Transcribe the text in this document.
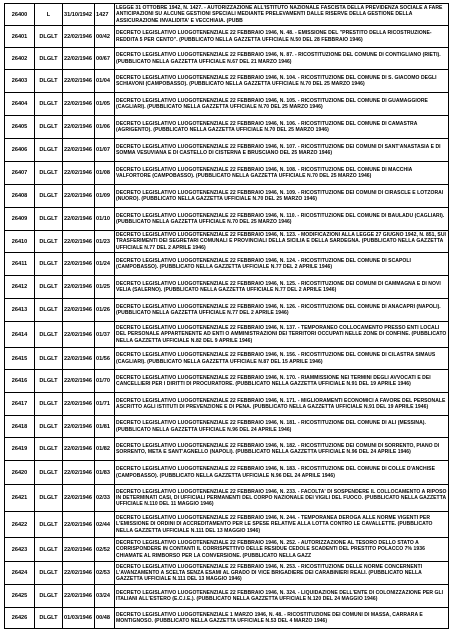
26400	L	31/10/1942	1427	LEGGE 31 OTTOBRE 1942, N. 1427. - AUTORIZZAZIONE ALL'ISTITUTO NAZIONALE FASCISTA DELLA PREVIDENZA SOCIALE A FARE ANTICIPAZIONI SU ALCUNE GESTIONI SPECIALI MEDIANTE PRELEVAMENTI DALLE RISERVE DELLA GESTIONE DELLA ASSICURAZIONE INVALIDITA' E VECCHIAIA. (PUBB
26401	DLGLT	22/02/1946	00/42	DECRETO LEGISLATIVO LUOGOTENENZIALE 22 FEBBRAIO 1946, N. 48. - EMISSIONE DEL "PRESTITO DELLA RICOSTRUZIONE-REDDITA 5 PER CENTO". (PUBBLICATO NELLA GAZZETTA UFFICIALE N.50 DEL 28 FEBBRAIO 1946)
26402	DLGLT	22/02/1946	00/67	DECRETO LEGISLATIVO LUOGOTENENZIALE 22 FEBBRAIO 1946, N. 87. - RICOSTITUZIONE DEL COMUNE DI CONTIGLIANO (RIETI). (PUBBLICATO NELLA GAZZETTA UFFICIALE N.67 DEL 21 MARZO 1946)
26403	DLGLT	22/02/1946	01/04	DECRETO LEGISLATIVO LUOGOTENENZIALE 22 FEBBRAIO 1946, N. 104. - RICOSTITUZIONE DEL COMUNE DI S. GIACOMO DEGLI SCHIAVONI (CAMPOBASSO). (PUBBLICATO NELLA GAZZETTA UFFICIALE N.70 DEL 25 MARZO 1946)
26404	DLGLT	22/02/1946	01/05	DECRETO LEGISLATIVO LUOGOTENENZIALE 22 FEBBRAIO 1946, N. 105. - RICOSTITUZIONE DEL COMUNE DI GUAMAGGIORE (CAGLIARI). (PUBBLICATO NELLA GAZZETTA UFFICIALE N.70 DEL 25 MARZO 1946)
26405	DLGLT	22/02/1946	01/06	DECRETO LEGISLATIVO LUOGOTENENZIALE 22 FEBBRAIO 1946, N. 106. - RICOSTITUZIONE DEL COMUNE DI CAMASTRA (AGRIGENTO). (PUBBLICATO NELLA GAZZETTA UFFICIALE N.70 DEL 25 MARZO 1946)
26406	DLGLT	22/02/1946	01/07	DECRETO LEGISLATIVO LUOGOTENENZIALE 22 FEBBRAIO 1946, N. 107. - RICOSTITUZIONE DEI COMUNI DI SANT'ANASTASIA E DI SOMMA VESUVIANA E DI CASTELLO DI CISTERNA E BRUSCIANO DEL 25 MARZO 1946)
26407	DLGLT	22/02/1946	01/08	DECRETO LEGISLATIVO LUOGOTENENZIALE 22 FEBBRAIO 1946, N. 108. - RICOSTITUZIONE DEL COMUNE DI MACCHIA VALFORTORE (CAMPOBASSO). (PUBBLICATO NELLA GAZZETTA UFFICIALE N.70 DEL 25 MARZO 1946)
26408	DLGLT	22/02/1946	01/09	DECRETO LEGISLATIVO LUOGOTENENZIALE 22 FEBBRAIO 1946, N. 109. - RICOSTITUZIONE DEI COMUNI DI CIRASCLE E LOTZORAI (NUORO). (PUBBLICATO NELLA GAZZETTA UFFICIALE N.70 DEL 25 MARZO 1946)
26409	DLGLT	22/02/1946	01/10	DECRETO LEGISLATIVO LUOGOTENENZIALE 22 FEBBRAIO 1946, N. 110. - RICOSTITUZIONE DEL COMUNE DI BAULADU (CAGLIARI). (PUBBLICATO NELLA GAZZETTA UFFICIALE N.70 DEL 25 MARZO 1946)
26410	DLGLT	22/02/1946	01/23	DECRETO LEGISLATIVO LUOGOTENENZIALE 22 FEBBRAIO 1946, N. 123. - MODIFICAZIONI ALLA LEGGE 27 GIUGNO 1942, N. 851, SUI TRASFERIMENTI DEI SEGRETARI COMUNALI E PROVINCIALI DELLA SICILIA E DELLA SARDEGNA. (PUBBLICATO NELLA GAZZETTA UFFICIALE N.77 DEL 2 APRILE 1946)
26411	DLGLT	22/02/1946	01/24	DECRETO LEGISLATIVO LUOGOTENENZIALE 22 FEBBRAIO 1946, N. 124. - RICOSTITUZIONE DEL COMUNE DI SCAPOLI (CAMPOBASSO). (PUBBLICATO NELLA GAZZETTA UFFICIALE N.77 DEL 2 APRILE 1946)
26412	DLGLT	22/02/1946	01/25	DECRETO LEGISLATIVO LUOGOTENENZIALE 22 FEBBRAIO 1946, N. 125. - RICOSTITUZIONE DEI COMUNI DI CAMMAGNA E DI NOVI VELIA (SALERNO). (PUBBLICATO NELLA GAZZETTA UFFICIALE N.77 DEL 2 APRILE 1946)
26413	DLGLT	22/02/1946	01/26	DECRETO LEGISLATIVO LUOGOTENENZIALE 22 FEBBRAIO 1946, N. 126. - RICOSTITUZIONE DEL COMUNE DI ANACAPRI (NAPOLI). (PUBBLICATO NELLA GAZZETTA UFFICIALE N.77 DEL 2 APRILE 1946)
26414	DLGLT	22/02/1946	01/37	DECRETO LEGISLATIVO LUOGOTENENZIALE 22 FEBBRAIO 1946, N. 137. - TEMPORANEO COLLOCAMENTO PRESSO ENTI LOCALI DEL PERSONALE APPARTENENTE AD ENTI O AMMINISTRAZIONI DEI TERRITORI OCCUPATI NELLE ZONE DI CONFINE. (PUBBLICATO NELLA GAZZETTA UFFICIALE N.82 DEL 9 APRILE 1946)
26415	DLGLT	22/02/1946	01/56	DECRETO LEGISLATIVO LUOGOTENENZIALE 22 FEBBRAIO 1946, N. 156. - RICOSTITUZIONE DEL COMUNE DI CILASTRA SIMAUS (CAGLIARI). (PUBBLICATO NELLA GAZZETTA UFFICIALE N.87 DEL 15 APRILE 1946)
26416	DLGLT	22/02/1946	01/70	DECRETO LEGISLATIVO LUOGOTENENZIALE 22 FEBBRAIO 1946, N. 170. - RIAMMISSIONE NEI TERMINI DEGLI AVVOCATI E DEI CANCELLIERI PER I DIRITTI DI PROCURATORE. (PUBBLICATO NELLA GAZZETTA UFFICIALE N.91 DEL 19 APRILE 1946)
26417	DLGLT	22/02/1946	01/71	DECRETO LEGISLATIVO LUOGOTENENZIALE 22 FEBBRAIO 1946, N. 171. - MIGLIORAMENTI ECONOMICI A FAVORE DEL PERSONALE ASCRITTO AGLI ISTITUTI DI PREVENZIONE E DI PENA. (PUBBLICATO NELLA GAZZETTA UFFICIALE N.91 DEL 19 APRILE 1946)
26418	DLGLT	22/02/1946	01/81	DECRETO LEGISLATIVO LUOGOTENENZIALE 22 FEBBRAIO 1946, N. 181. - RICOSTITUZIONE DEL COMUNE DI ALI (MESSINA). (PUBBLICATO NELLA GAZZETTA UFFICIALE N.96 DEL 24 APRILE 1946)
26419	DLGLT	22/02/1946	01/82	DECRETO LEGISLATIVO LUOGOTENENZIALE 22 FEBBRAIO 1946, N. 182. - RICOSTITUZIONE DEI COMUNI DI SORRENTO, PIANO DI SORRENTO, META E SANT'AGNELLO (NAPOLI). (PUBBLICATO NELLA GAZZETTA UFFICIALE N.96 DEL 24 APRILE 1946)
26420	DLGLT	22/02/1946	01/83	DECRETO LEGISLATIVO LUOGOTENENZIALE 22 FEBBRAIO 1946, N. 183. - RICOSTITUZIONE DEL COMUNE DI COLLE D'ANCHISE (CAMPOBASSO). (PUBBLICATO NELLA GAZZETTA UFFICIALE N.96 DEL 24 APRILE 1946)
26421	DLGLT	22/02/1946	02/33	DECRETO LEGISLATIVO LUOGOTENENZIALE 22 FEBBRAIO 1946, N. 233. - FACOLTA' DI SOSPENDERE IL COLLOCAMENTO A RIPOSO IN DETERMINATI CASI, DI UFFICIALI PERMANENTI DEL CORPO NAZIONALE DEI VIGILI DEL FUOCO. (PUBBLICATO NELLA GAZZETTA UFFICIALE N.110 DEL 11 MAGGIO 1946)
26422	DLGLT	22/02/1946	02/44	DECRETO LEGISLATIVO LUOGOTENENZIALE 22 FEBBRAIO 1946, N. 244. - TEMPORANEA DEROGA ALLE NORME VIGENTI PER L'EMISSIONE DI ORDINI DI ACCREDITAMENTO PER LE SPESE RELATIVE ALLA LOTTA CONTRO LE CAVALLETTE. (PUBBLICATO NELLA GAZZETTA UFFICIALE N.111 DEL 13 MAGGIO 1946)
26423	DLGLT	22/02/1946	02/52	DECRETO LEGISLATIVO LUOGOTENENZIALE 22 FEBBRAIO 1946, N. 252. - AUTORIZZAZIONE AL TESORO DELLO STATO A CORRISPONDERE IN CONTANTI IL CORRISPETTIVO DELLE RESIDUE CEDOLE SCADENTI DEL PRESTITO POLACCO 7% 1936 CHIAMATE AL RIMBORSO PER LA CONVERSIONE. (PUBBLICATO NELLA GAZZ
26424	DLGLT	22/02/1946	02/53	DECRETO LEGISLATIVO LUOGOTENENZIALE 22 FEBBRAIO 1946, N. 253. - RICOSTITUZIONE DELLE NORME CONCERNENTI L'AVANZAMENTO A SCELTA SENZA ESAMI AL GRADO DI VICE BRIGADIERE DEI CARABINIERI REALI. (PUBBLICATO NELLA GAZZETTA UFFICIALE N.111 DEL 13 MAGGIO 1946)
26425	DLGLT	22/02/1946	03/24	DECRETO LEGISLATIVO LUOGOTENENZIALE 22 FEBBRAIO 1946, N. 324. - LIQUIDAZIONE DELL'ENTE DI COLONIZZAZIONE PER GLI ITALIANI ALL'ESTERO (E.C.I.E.). (PUBBLICATO NELLA GAZZETTA UFFICIALE N.120 DEL 24 MAGGIO 1946)
26426	DLGLT	01/03/1946	00/48	DECRETO LEGISLATIVO LUOGOTENENZIALE 1 MARZO 1946, N. 48. - RICOSTITUZIONE DEI COMUNI DI MASSA, CARRARA E MONTIGNOSO. (PUBBLICATO NELLA GAZZETTA UFFICIALE N.53 DEL 4 MARZO 1946)
